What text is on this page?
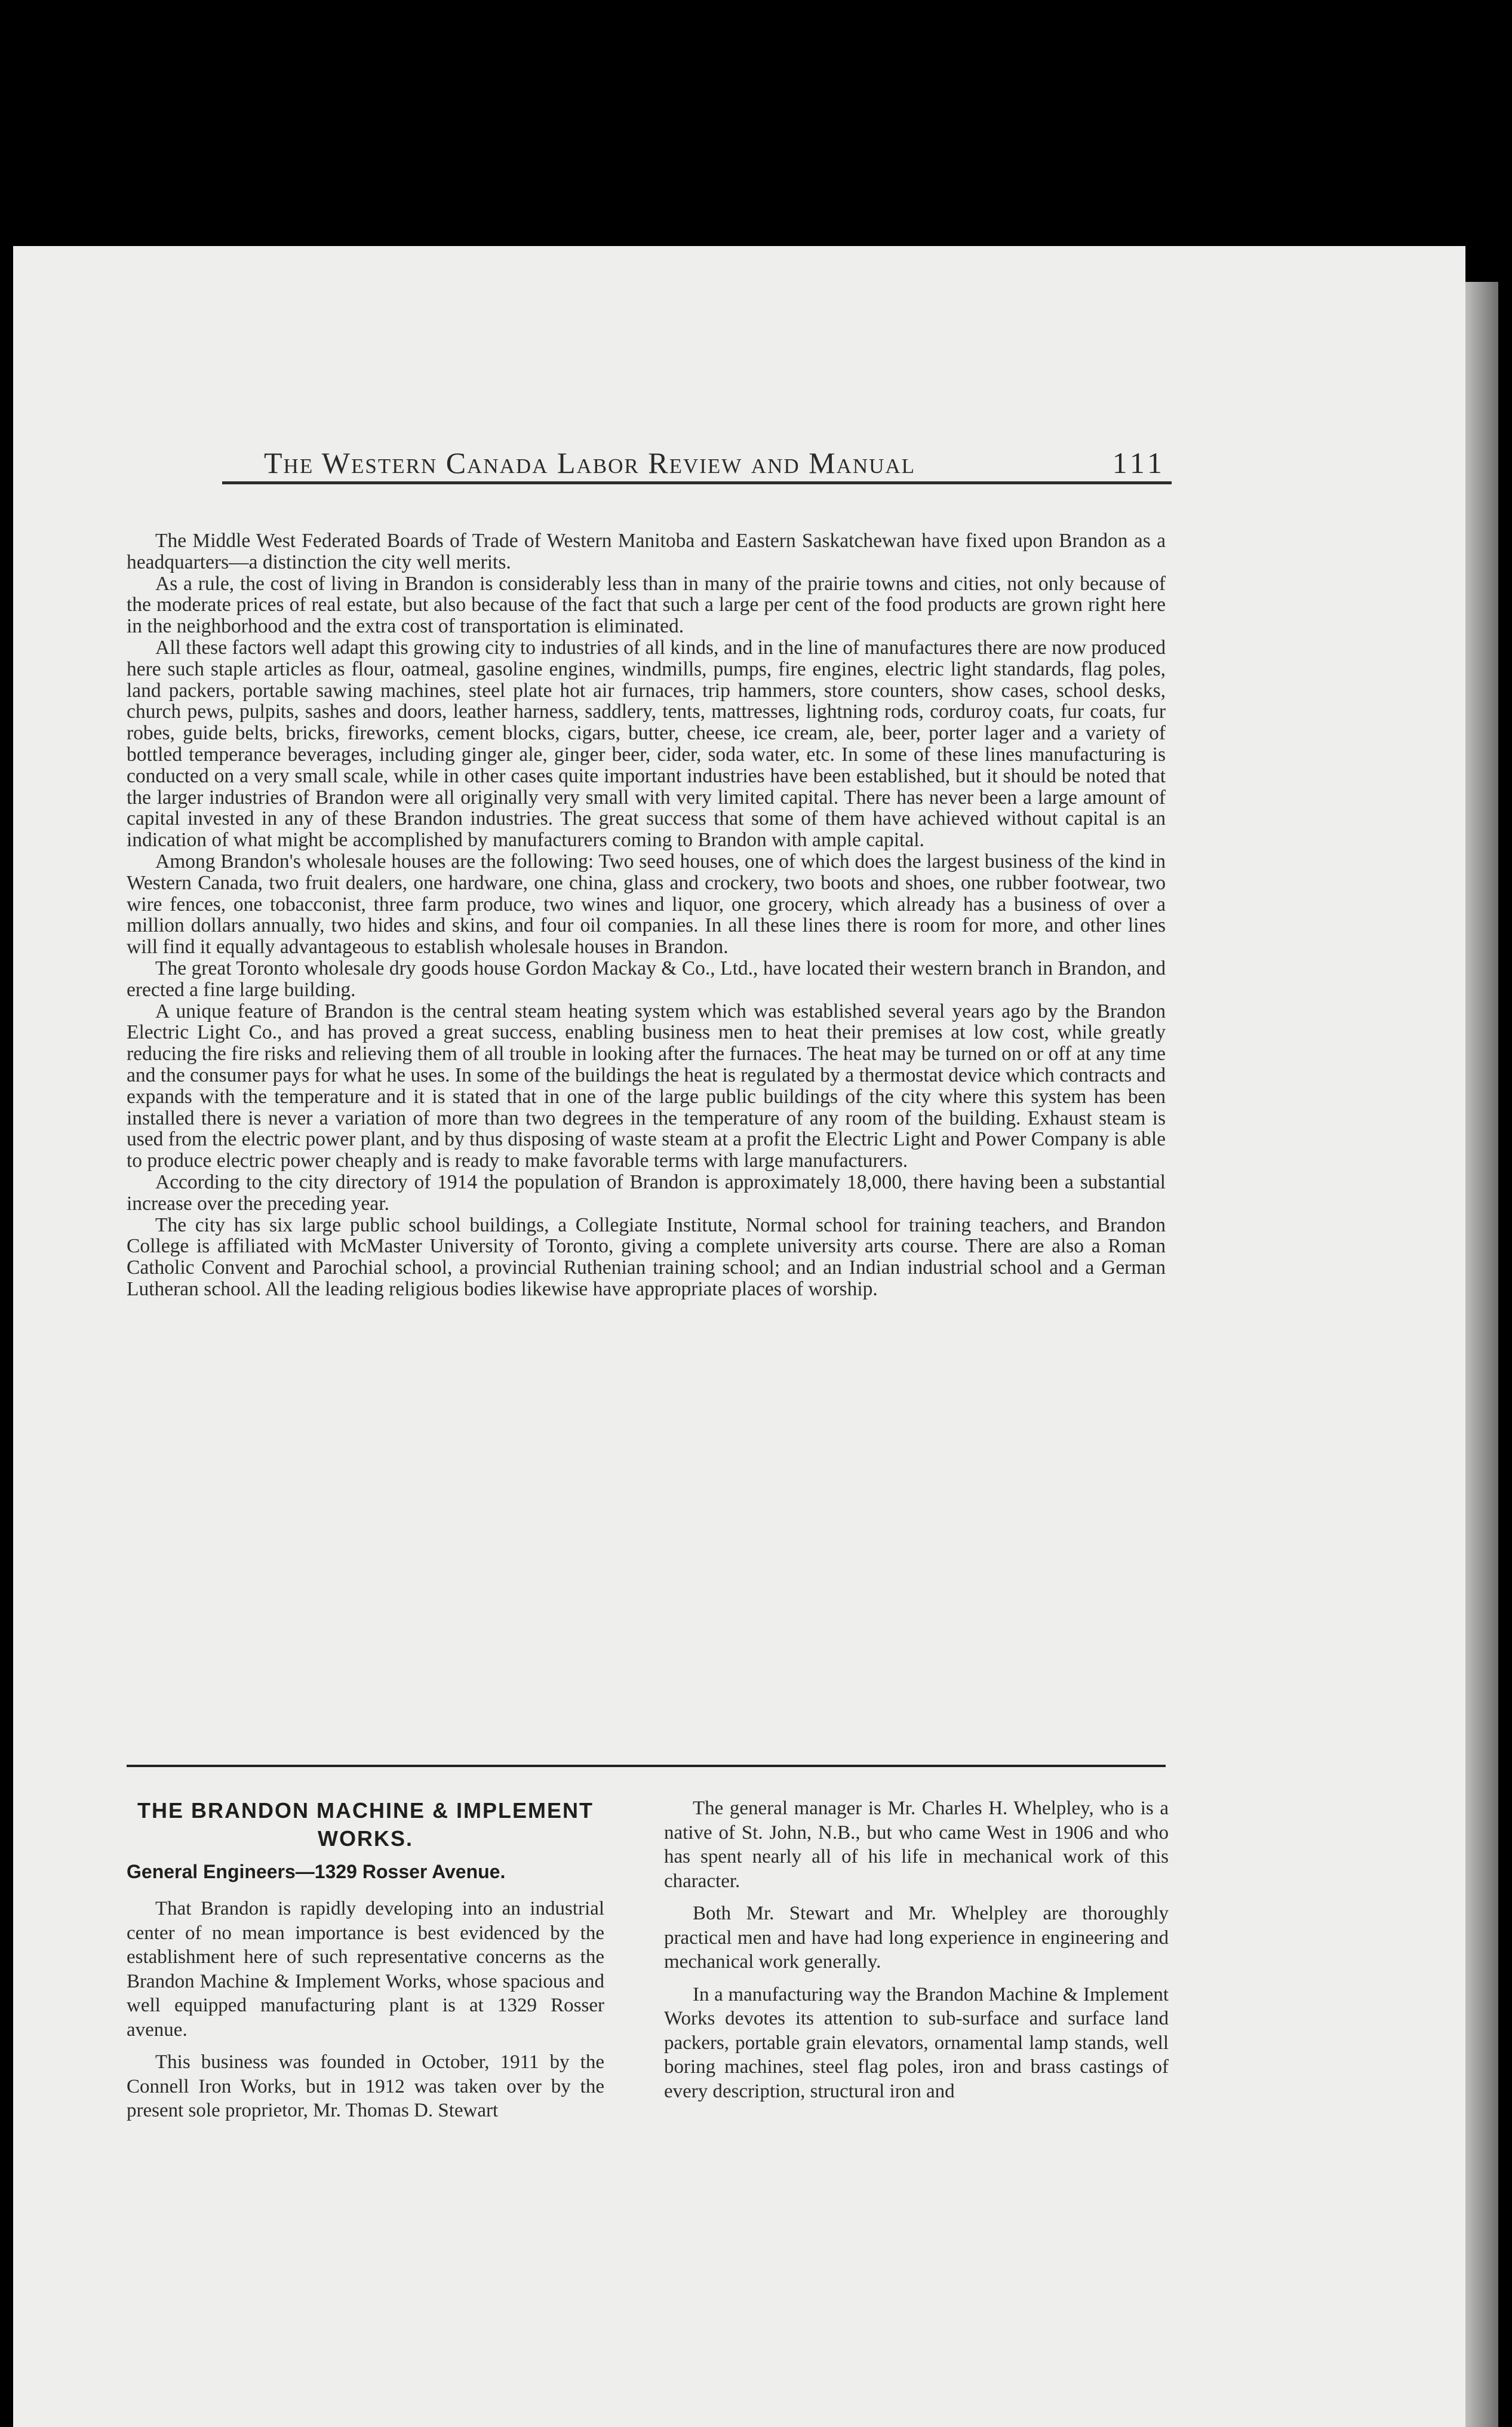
The Western Canada Labor Review and Manual	111

The Middle West Federated Boards of Trade of Western Manitoba and Eastern Saskatchewan have fixed upon Brandon as a headquarters—a distinction the city well merits.

As a rule, the cost of living in Brandon is considerably less than in many of the prairie towns and cities, not only because of the moderate prices of real estate, but also because of the fact that such a large per cent of the food products are grown right here in the neighborhood and the extra cost of transportation is eliminated.

All these factors well adapt this growing city to industries of all kinds, and in the line of manufactures there are now produced here such staple articles as flour, oatmeal, gasoline engines, windmills, pumps, fire engines, electric light standards, flag poles, land packers, portable sawing machines, steel plate hot air furnaces, trip hammers, store counters, show cases, school desks, church pews, pulpits, sashes and doors, leather harness, saddlery, tents, mattresses, lightning rods, corduroy coats, fur coats, fur robes, guide belts, bricks, fireworks, cement blocks, cigars, butter, cheese, ice cream, ale, beer, porter lager and a variety of bottled temperance beverages, including ginger ale, ginger beer, cider, soda water, etc. In some of these lines manufacturing is conducted on a very small scale, while in other cases quite important industries have been established, but it should be noted that the larger industries of Brandon were all originally very small with very limited capital. There has never been a large amount of capital invested in any of these Brandon industries. The great success that some of them have achieved without capital is an indication of what might be accomplished by manufacturers coming to Brandon with ample capital.

Among Brandon's wholesale houses are the following: Two seed houses, one of which does the largest business of the kind in Western Canada, two fruit dealers, one hardware, one china, glass and crockery, two boots and shoes, one rubber footwear, two wire fences, one tobacconist, three farm produce, two wines and liquor, one grocery, which already has a business of over a million dollars annually, two hides and skins, and four oil companies. In all these lines there is room for more, and other lines will find it equally advantageous to establish wholesale houses in Brandon.

The great Toronto wholesale dry goods house Gordon Mackay & Co., Ltd., have located their western branch in Brandon, and erected a fine large building.

A unique feature of Brandon is the central steam heating system which was established several years ago by the Brandon Electric Light Co., and has proved a great success, enabling business men to heat their premises at low cost, while greatly reducing the fire risks and relieving them of all trouble in looking after the furnaces. The heat may be turned on or off at any time and the consumer pays for what he uses. In some of the buildings the heat is regulated by a thermostat device which contracts and expands with the temperature and it is stated that in one of the large public buildings of the city where this system has been installed there is never a variation of more than two degrees in the temperature of any room of the building. Exhaust steam is used from the electric power plant, and by thus disposing of waste steam at a profit the Electric Light and Power Company is able to produce electric power cheaply and is ready to make favorable terms with large manufacturers.

According to the city directory of 1914 the population of Brandon is approximately 18,000, there having been a substantial increase over the preceding year.

The city has six large public school buildings, a Collegiate Institute, Normal school for training teachers, and Brandon College is affiliated with McMaster University of Toronto, giving a complete university arts course. There are also a Roman Catholic Convent and Parochial school, a provincial Ruthenian training school; and an Indian industrial school and a German Lutheran school. All the leading religious bodies likewise have appropriate places of worship.

THE BRANDON MACHINE & IMPLEMENT WORKS.
General Engineers—1329 Rosser Avenue.

That Brandon is rapidly developing into an industrial center of no mean importance is best evidenced by the establishment here of such representative concerns as the Brandon Machine & Implement Works, whose spacious and well equipped manufacturing plant is at 1329 Rosser avenue.

This business was founded in October, 1911 by the Connell Iron Works, but in 1912 was taken over by the present sole proprietor, Mr. Thomas D. Stewart

The general manager is Mr. Charles H. Whelpley, who is a native of St. John, N.B., but who came West in 1906 and who has spent nearly all of his life in mechanical work of this character.

Both Mr. Stewart and Mr. Whelpley are thoroughly practical men and have had long experience in engineering and mechanical work generally.

In a manufacturing way the Brandon Machine & Implement Works devotes its attention to sub-surface and surface land packers, portable grain elevators, ornamental lamp stands, well boring machines, steel flag poles, iron and brass castings of every description, structural iron and
